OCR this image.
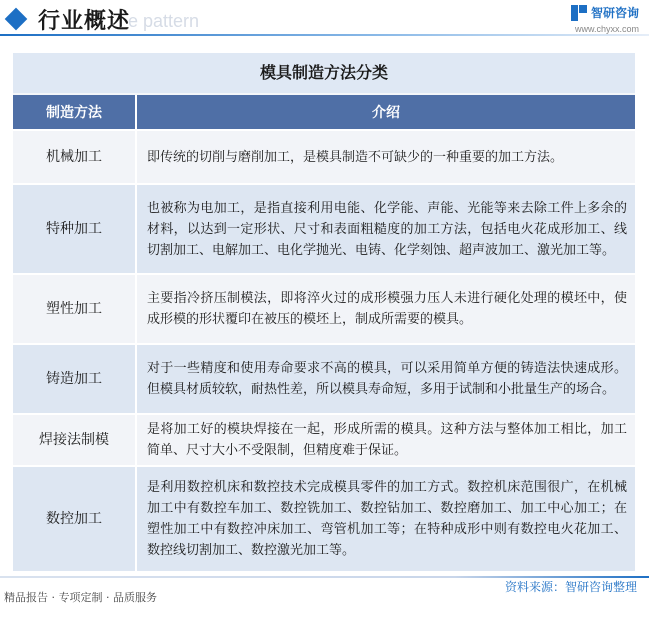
行业概述
e pattern	智研咨询
www.chyxx.com
模具制造方法分类
制造方法	介绍
机械加工	即传统的切削与磨削加工，是模具制造不可缺少的一种重要的加工方法。
特种加工	也被称为电加工，是指直接利用电能、化学能、声能、光能等来去除工件上多余的材料，以达到一定形状、尺寸和表面粗糙度的加工方法，包括电火花成形加工、线切割加工、电解加工、电化学抛光、电铸、化学刻蚀、超声波加工、激光加工等。
塑性加工	主要指冷挤压制模法，即将淬火过的成形模强力压人未进行硬化处理的模坯中，使成形模的形状覆印在被压的模坯上，制成所需要的模具。
铸造加工	对于一些精度和使用寿命要求不高的模具，可以采用简单方便的铸造法快速成形。但模具材质较软，耐热性差，所以模具寿命短，多用于试制和小批量生产的场合。
焊接法制模	是将加工好的模块焊接在一起，形成所需的模具。这种方法与整体加工相比，加工简单、尺寸大小不受限制，但精度难于保证。
数控加工	是利用数控机床和数控技术完成模具零件的加工方式。数控机床范围很广，在机械加工中有数控车加工、数控铣加工、数控钻加工、数控磨加工、加工中心加工；在塑性加工中有数控冲床加工、弯管机加工等；在特种成形中则有数控电火花加工、数控线切割加工、数控激光加工等。
资料来源：智研咨询整理
精品报告 · 专项定制 · 品质服务
